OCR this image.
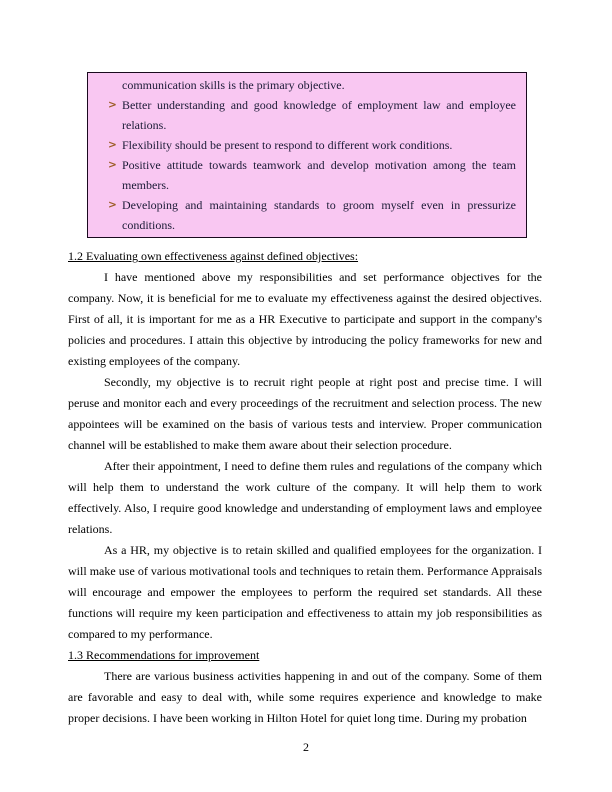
communication skills is the primary objective.
> Better understanding and good knowledge of employment law and employee relations.
> Flexibility should be present to respond to different work conditions.
> Positive attitude towards teamwork and develop motivation among the team members.
> Developing and maintaining standards to groom myself even in pressurize conditions.
1.2 Evaluating own effectiveness against defined objectives:

I have mentioned above my responsibilities and set performance objectives for the company. Now, it is beneficial for me to evaluate my effectiveness against the desired objectives. First of all, it is important for me as a HR Executive to participate and support in the company's policies and procedures. I attain this objective by introducing the policy frameworks for new and existing employees of the company.

Secondly, my objective is to recruit right people at right post and precise time. I will peruse and monitor each and every proceedings of the recruitment and selection process. The new appointees will be examined on the basis of various tests and interview. Proper communication channel will be established to make them aware about their selection procedure.

After their appointment, I need to define them rules and regulations of the company which will help them to understand the work culture of the company. It will help them to work effectively. Also, I require good knowledge and understanding of employment laws and employee relations.

As a HR, my objective is to retain skilled and qualified employees for the organization. I will make use of various motivational tools and techniques to retain them. Performance Appraisals will encourage and empower the employees to perform the required set standards. All these functions will require my keen participation and effectiveness to attain my job responsibilities as compared to my performance.

1.3 Recommendations for improvement

There are various business activities happening in and out of the company. Some of them are favorable and easy to deal with, while some requires experience and knowledge to make proper decisions. I have been working in Hilton Hotel for quiet long time. During my probation

2
